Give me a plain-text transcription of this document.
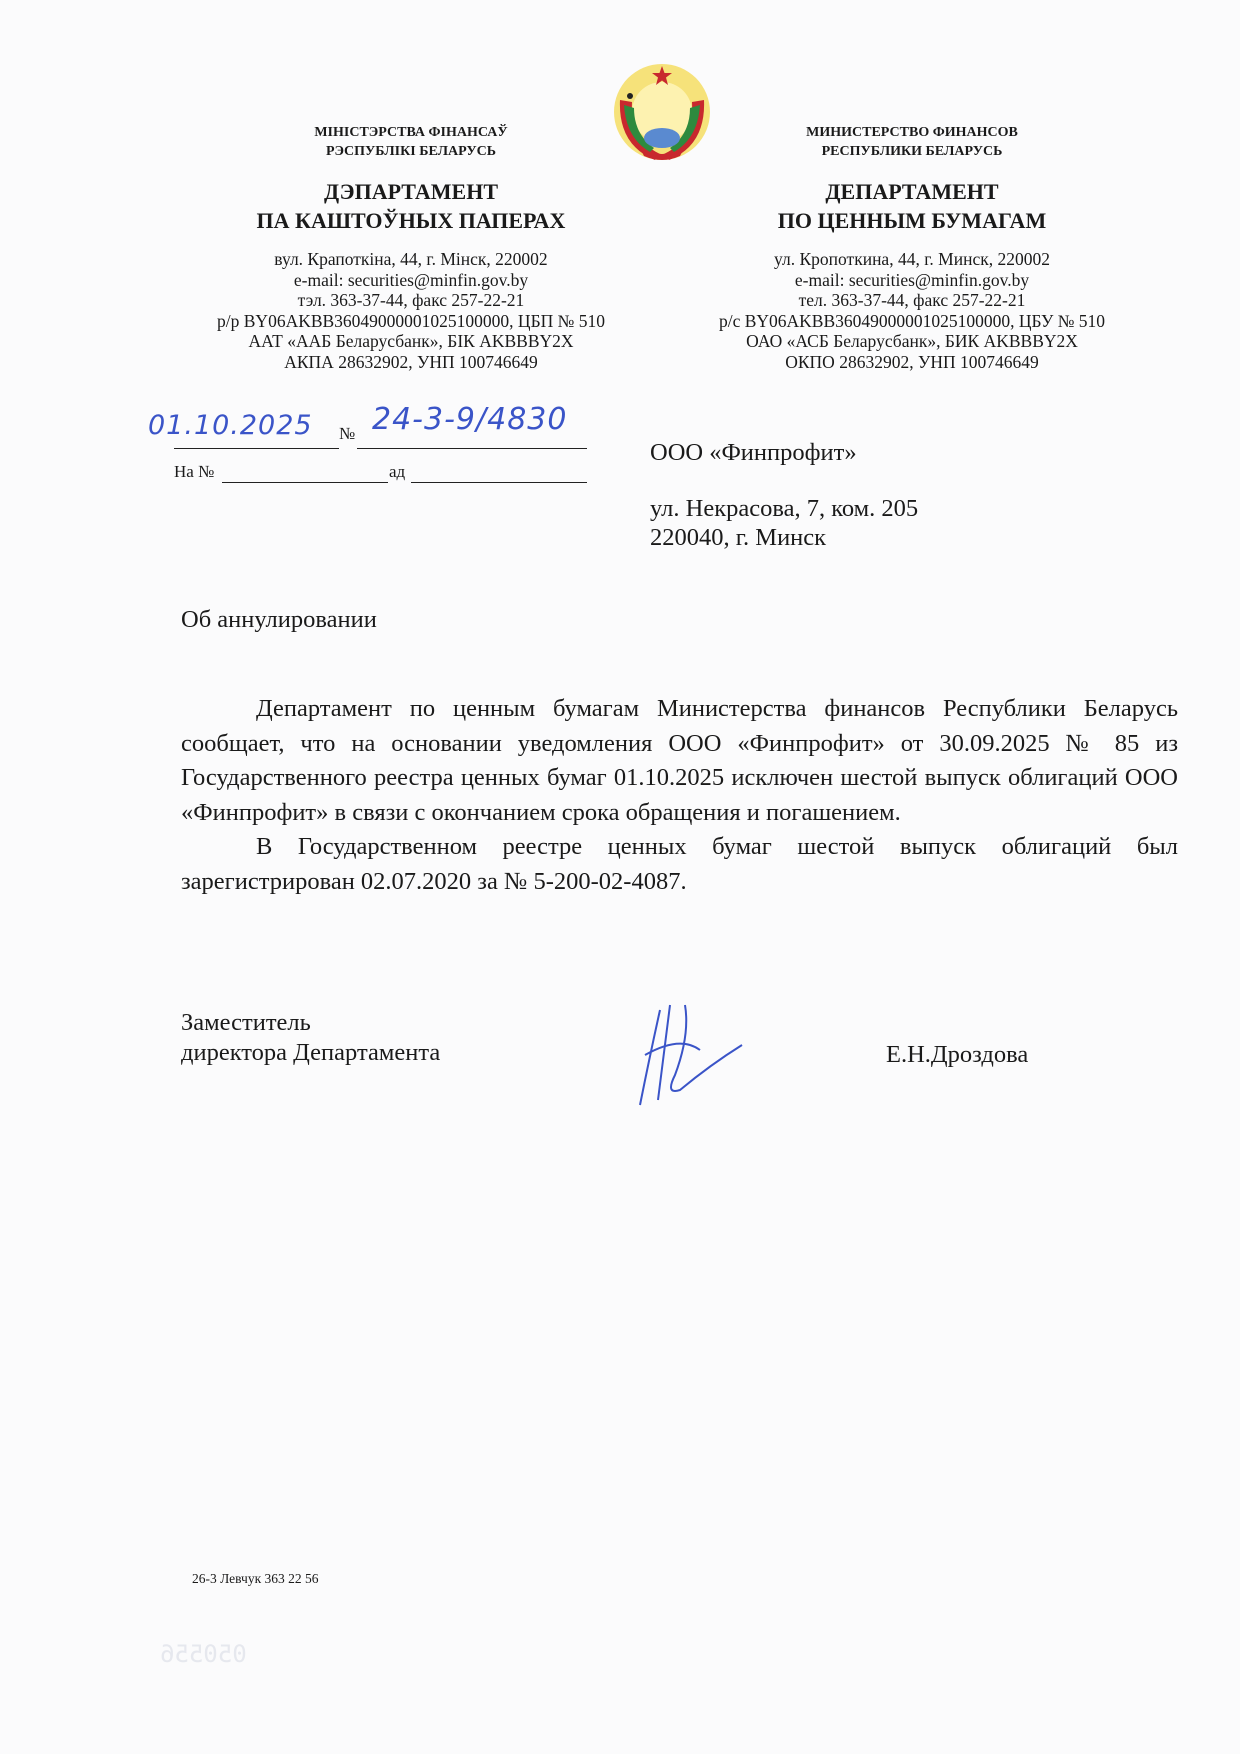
МІНІСТЭРСТВА ФІНАНСАЎ
РЭСПУБЛІКІ БЕЛАРУСЬ
ДЭПАРТАМЕНТ
ПА КАШТОЎНЫХ ПАПЕРАХ
вул. Крапоткіна, 44, г. Мінск, 220002
e-mail: securities@minfin.gov.by
тэл. 363-37-44, факс 257-22-21
р/р BY06AKBB36049000001025100000, ЦБП № 510
ААТ «ААБ Беларусбанк», БІК AKBBBY2X
АКПА 28632902, УНП 100746649
МИНИСТЕРСТВО ФИНАНСОВ
РЕСПУБЛИКИ БЕЛАРУСЬ
ДЕПАРТАМЕНТ
ПО ЦЕННЫМ БУМАГАМ
ул. Кропоткина, 44, г. Минск, 220002
e-mail: securities@minfin.gov.by
тел. 363-37-44, факс 257-22-21
р/с BY06AKBB36049000001025100000, ЦБУ № 510
ОАО «АСБ Беларусбанк», БИК AKBBBY2X
ОКПО 28632902, УНП 100746649
01.10.2025 № 24-3-9/4830
На №	ад
ООО «Финпрофит»
ул. Некрасова, 7, ком. 205
220040, г. Минск
Об аннулировании

Департамент по ценным бумагам Министерства финансов Республики Беларусь сообщает, что на основании уведомления ООО «Финпрофит» от 30.09.2025 № 85 из Государственного реестра ценных бумаг 01.10.2025 исключен шестой выпуск облигаций ООО «Финпрофит» в связи с окончанием срока обращения и погашением.

В Государственном реестре ценных бумаг шестой выпуск облигаций был зарегистрирован 02.07.2020 за № 5-200-02-4087.

Заместитель
директора Департамента	Е.Н.Дроздова
26-3 Левчук 363 22 56
050556
